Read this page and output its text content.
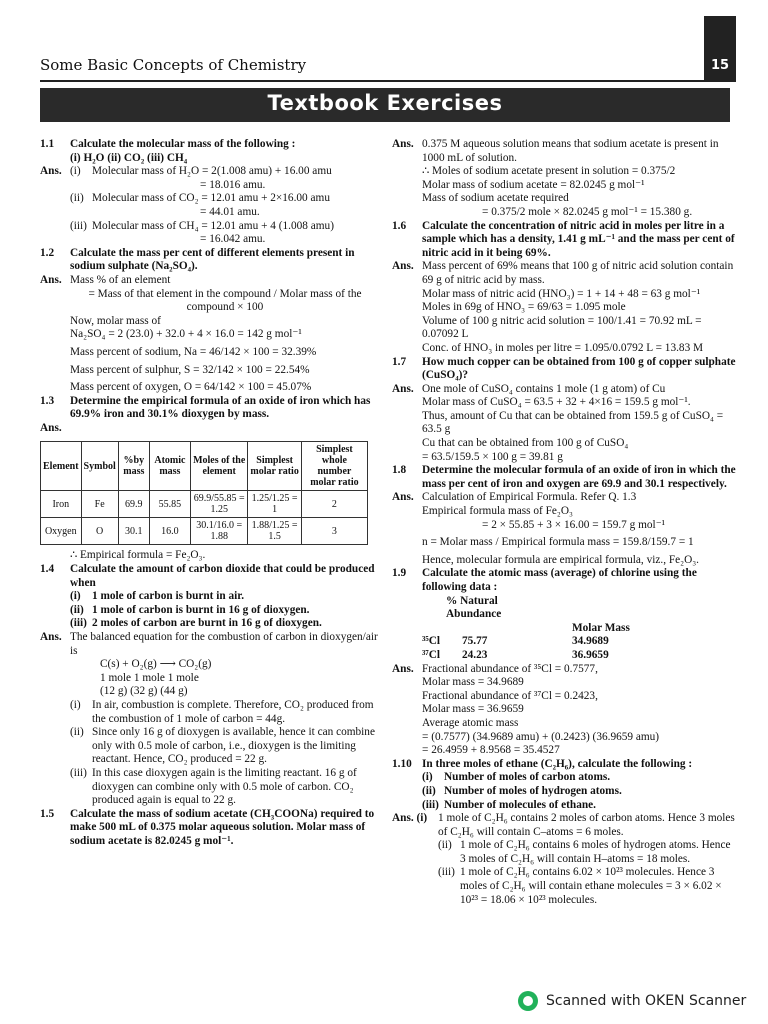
Some Basic Concepts of Chemistry	15
Textbook Exercises
1.1	Calculate the molecular mass of the following :
(i) H₂O (ii) CO₂ (iii) CH₄
Ans. (i)	Molecular mass of H₂O = 2(1.008 amu) + 16.00 amu
= 18.016 amu.
(ii) Molecular mass of CO₂ = 12.01 amu + 2×16.00 amu
= 44.01 amu.
(iii) Molecular mass of CH₄ = 12.01 amu + 4 (1.008 amu)
= 16.042 amu.
1.2	Calculate the mass per cent of different elements present in sodium sulphate (Na₂SO₄).
Ans. Mass % of an element
= Mass of that element in the compound / Molar mass of the compound × 100
Now, molar mass of
Na₂SO₄ = 2 (23.0) + 32.0 + 4 × 16.0 = 142 g mol⁻¹
Mass percent of sodium, Na = 46/142 × 100 = 32.39%
Mass percent of sulphur, S = 32/142 × 100 = 22.54%
Mass percent of oxygen, O = 64/142 × 100 = 45.07%
1.3	Determine the empirical formula of an oxide of iron which has 69.9% iron and 30.1% dioxygen by mass.
Ans.
Element	Symbol	%by mass	Atomic mass	Moles of the element	Simplest molar ratio	Simplest whole number molar ratio
Iron	Fe	69.9	55.85	69.9/55.85 = 1.25	1.25/1.25 = 1	2
Oxygen	O	30.1	16.0	30.1/16.0 = 1.88	1.88/1.25 = 1.5	3
∴ Empirical formula = Fe₂O₃.
1.4	Calculate the amount of carbon dioxide that could be produced when
(i)	1 mole of carbon is burnt in air.
(ii) 1 mole of carbon is burnt in 16 g of dioxygen.
(iii) 2 moles of carbon are burnt in 16 g of dioxygen.
Ans. The balanced equation for the combustion of carbon in dioxygen/air is
C(s) + O₂(g) ⟶ CO₂(g)
1 mole 1 mole 1 mole
(12 g) (32 g) (44 g)
(i)	In air, combustion is complete. Therefore, CO₂ produced from the combustion of 1 mole of carbon = 44g.
(ii) Since only 16 g of dioxygen is available, hence it can combine only with 0.5 mole of carbon, i.e., dioxygen is the limiting reactant. Hence, CO₂ produced = 22 g.
(iii) In this case dioxygen again is the limiting reactant. 16 g of dioxygen can combine only with 0.5 mole of carbon. CO₂ produced again is equal to 22 g.
1.5	Calculate the mass of sodium acetate (CH₃COONa) required to make 500 mL of 0.375 molar aqueous solution. Molar mass of sodium acetate is 82.0245 g mol⁻¹.
Ans. 0.375 M aqueous solution means that sodium acetate is present in 1000 mL of solution.
∴ Moles of sodium acetate present in solution = 0.375/2
Molar mass of sodium acetate = 82.0245 g mol⁻¹
Mass of sodium acetate required
= 0.375/2 mole × 82.0245 g mol⁻¹ = 15.380 g.
1.6	Calculate the concentration of nitric acid in moles per litre in a sample which has a density, 1.41 g mL⁻¹ and the mass per cent of nitric acid in it being 69%.
Ans. Mass percent of 69% means that 100 g of nitric acid solution contain 69 g of nitric acid by mass.
Molar mass of nitric acid (HNO₃) = 1 + 14 + 48 = 63 g mol⁻¹
Moles in 69g of HNO₃ = 69/63 = 1.095 mole
Volume of 100 g nitric acid solution = 100/1.41 = 70.92 mL = 0.07092 L
Conc. of HNO₃ in moles per litre = 1.095/0.0792 L = 13.83 M
1.7	How much copper can be obtained from 100 g of copper sulphate (CuSO₄)?
Ans. One mole of CuSO₄ contains 1 mole (1 g atom) of Cu
Molar mass of CuSO₄ = 63.5 + 32 + 4×16 = 159.5 g mol⁻¹.
Thus, amount of Cu that can be obtained from 159.5 g of CuSO₄ = 63.5 g
Cu that can be obtained from 100 g of CuSO₄
= 63.5/159.5 × 100 g = 39.81 g
1.8	Determine the molecular formula of an oxide of iron in which the mass per cent of iron and oxygen are 69.9 and 30.1 respectively.
Ans. Calculation of Empirical Formula. Refer Q. 1.3
Empirical formula mass of Fe₂O₃
= 2 × 55.85 + 3 × 16.00 = 159.7 g mol⁻¹
n = Molar mass / Empirical formula mass = 159.8/159.7 = 1
Hence, molecular formula are empirical formula, viz., Fe₂O₃.
1.9	Calculate the atomic mass (average) of chlorine using the following data :
% Natural Abundance
Molar Mass
³⁵Cl	75.77	34.9689
³⁷Cl	24.23	36.9659
Ans. Fractional abundance of ³⁵Cl = 0.7577,
Molar mass = 34.9689
Fractional abundance of ³⁷Cl = 0.2423,
Molar mass = 36.9659
Average atomic mass
= (0.7577) (34.9689 amu) + (0.2423) (36.9659 amu)
= 26.4959 + 8.9568 = 35.4527
1.10 In three moles of ethane (C₂H₆), calculate the following :
(i)	Number of moles of carbon atoms.
(ii) Number of moles of hydrogen atoms.
(iii) Number of molecules of ethane.
Ans. (i) 1 mole of C₂H₆ contains 2 moles of carbon atoms. Hence 3 moles of C₂H₆ will contain C–atoms = 6 moles.
(ii) 1 mole of C₂H₆ contains 6 moles of hydrogen atoms. Hence 3 moles of C₂H₆ will contain H–atoms = 18 moles.
(iii) 1 mole of C₂H₆ contains 6.02 × 10²³ molecules. Hence 3 moles of C₂H₆ will contain ethane molecules = 3 × 6.02 × 10²³ = 18.06 × 10²³ molecules.
Scanned with OKEN Scanner
